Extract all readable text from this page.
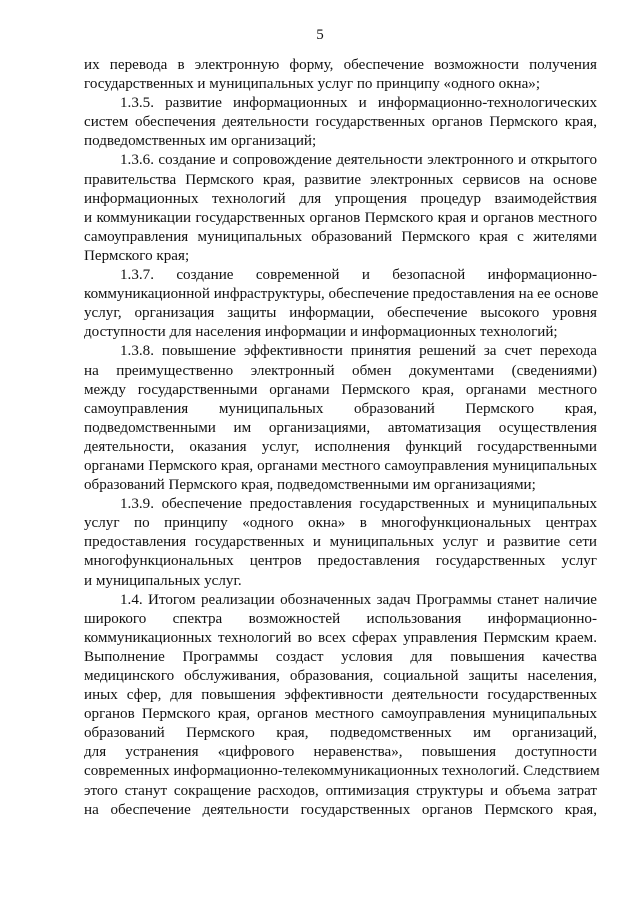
5
их перевода в электронную форму, обеспечение возможности получения
государственных и муниципальных услуг по принципу «одного окна»;
1.3.5. развитие информационных и информационно-технологических
систем обеспечения деятельности государственных органов Пермского края,
подведомственных им организаций;
1.3.6. создание и сопровождение деятельности электронного и открытого
правительства Пермского края, развитие электронных сервисов на основе
информационных технологий для упрощения процедур взаимодействия
и коммуникации государственных органов Пермского края и органов местного
самоуправления муниципальных образований Пермского края с жителями
Пермского края;
1.3.7. создание современной и безопасной информационно-
коммуникационной инфраструктуры, обеспечение предоставления на ее основе
услуг, организация защиты информации, обеспечение высокого уровня
доступности для населения информации и информационных технологий;
1.3.8. повышение эффективности принятия решений за счет перехода
на преимущественно электронный обмен документами (сведениями)
между государственными органами Пермского края, органами местного
самоуправления муниципальных образований Пермского края,
подведомственными им организациями, автоматизация осуществления
деятельности, оказания услуг, исполнения функций государственными
органами Пермского края, органами местного самоуправления муниципальных
образований Пермского края, подведомственными им организациями;
1.3.9. обеспечение предоставления государственных и муниципальных
услуг по принципу «одного окна» в многофункциональных центрах
предоставления государственных и муниципальных услуг и развитие сети
многофункциональных центров предоставления государственных услуг
и муниципальных услуг.
1.4. Итогом реализации обозначенных задач Программы станет наличие
широкого спектра возможностей использования информационно-
коммуникационных технологий во всех сферах управления Пермским краем.
Выполнение Программы создаст условия для повышения качества
медицинского обслуживания, образования, социальной защиты населения,
иных сфер, для повышения эффективности деятельности государственных
органов Пермского края, органов местного самоуправления муниципальных
образований Пермского края, подведомственных им организаций,
для устранения «цифрового неравенства», повышения доступности
современных информационно-телекоммуникационных технологий. Следствием
этого станут сокращение расходов, оптимизация структуры и объема затрат
на обеспечение деятельности государственных органов Пермского края,
